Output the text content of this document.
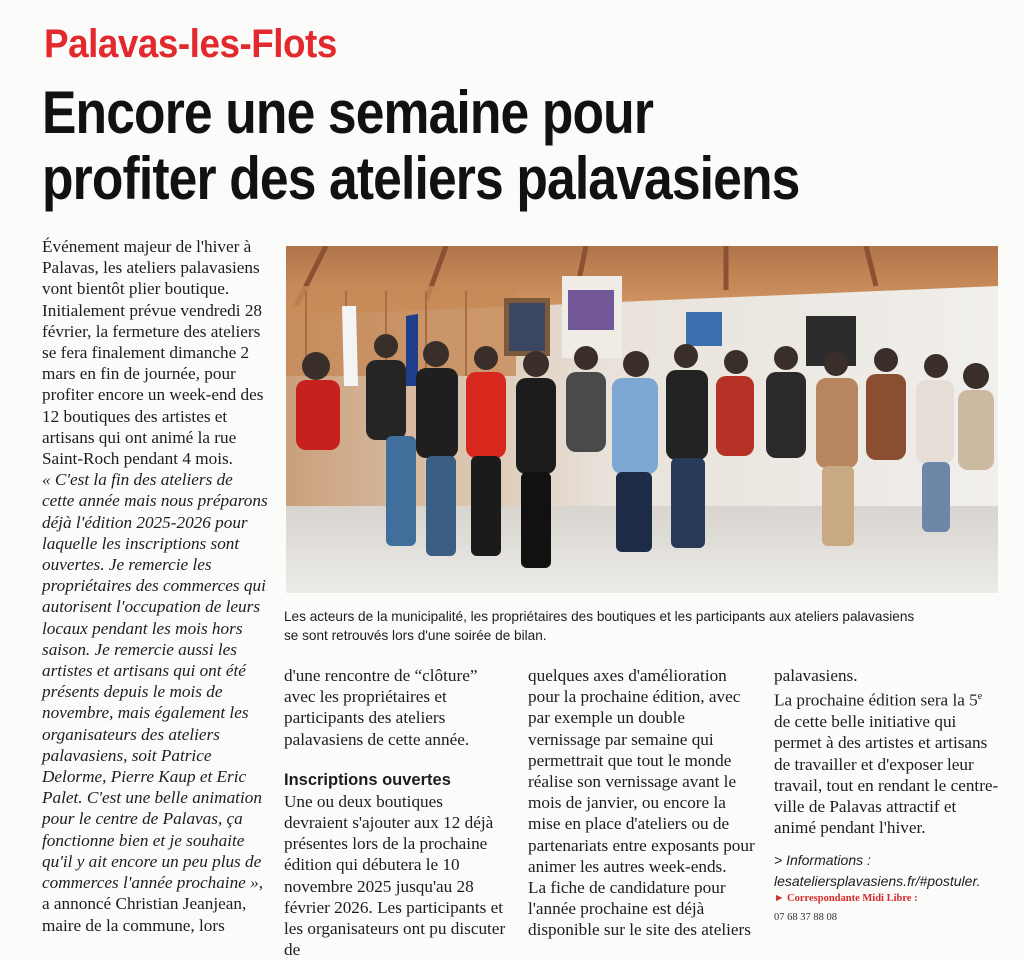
Palavas-les-Flots
Encore une semaine pour
profiter des ateliers palavasiens

Événement majeur de l'hiver à Palavas, les ateliers palavasiens vont bientôt plier boutique. Initialement prévue vendredi 28 février, la fermeture des ateliers se fera finalement dimanche 2 mars en fin de journée, pour profiter encore un week-end des 12 boutiques des artistes et artisans qui ont animé la rue Saint-Roch pendant 4 mois.

« C'est la fin des ateliers de cette année mais nous préparons déjà l'édition 2025-2026 pour laquelle les inscriptions sont ouvertes. Je remercie les propriétaires des commerces qui autorisent l'occupation de leurs locaux pendant les mois hors saison. Je remercie aussi les artistes et artisans qui ont été présents depuis le mois de novembre, mais également les organisateurs des ateliers palavasiens, soit Patrice Delorme, Pierre Kaup et Eric Palet. C'est une belle animation pour le centre de Palavas, ça fonctionne bien et je souhaite qu'il y ait encore un peu plus de commerces l'année prochaine », a annoncé Christian Jeanjean, maire de la commune, lors

Les acteurs de la municipalité, les propriétaires des boutiques et les participants aux ateliers palavasiens
se sont retrouvés lors d'une soirée de bilan.

d'une rencontre de “clôture” avec les propriétaires et participants des ateliers palavasiens de cette année.

Inscriptions ouvertes

Une ou deux boutiques devraient s'ajouter aux 12 déjà présentes lors de la prochaine édition qui débutera le 10 novembre 2025 jusqu'au 28 février 2026. Les participants et les organisateurs ont pu discuter de

quelques axes d'amélioration pour la prochaine édition, avec par exemple un double vernissage par semaine qui permettrait que tout le monde réalise son vernissage avant le mois de janvier, ou encore la mise en place d'ateliers ou de partenariats entre exposants pour animer les autres week-ends.

La fiche de candidature pour l'année prochaine est déjà disponible sur le site des ateliers

palavasiens.

La prochaine édition sera la 5e de cette belle initiative qui permet à des artistes et artisans de travailler et d'exposer leur travail, tout en rendant le centre-ville de Palavas attractif et animé pendant l'hiver.

> Informations :
lesateliersplavasiens.fr/#postuler.
► Correspondante Midi Libre :
07 68 37 88 08
